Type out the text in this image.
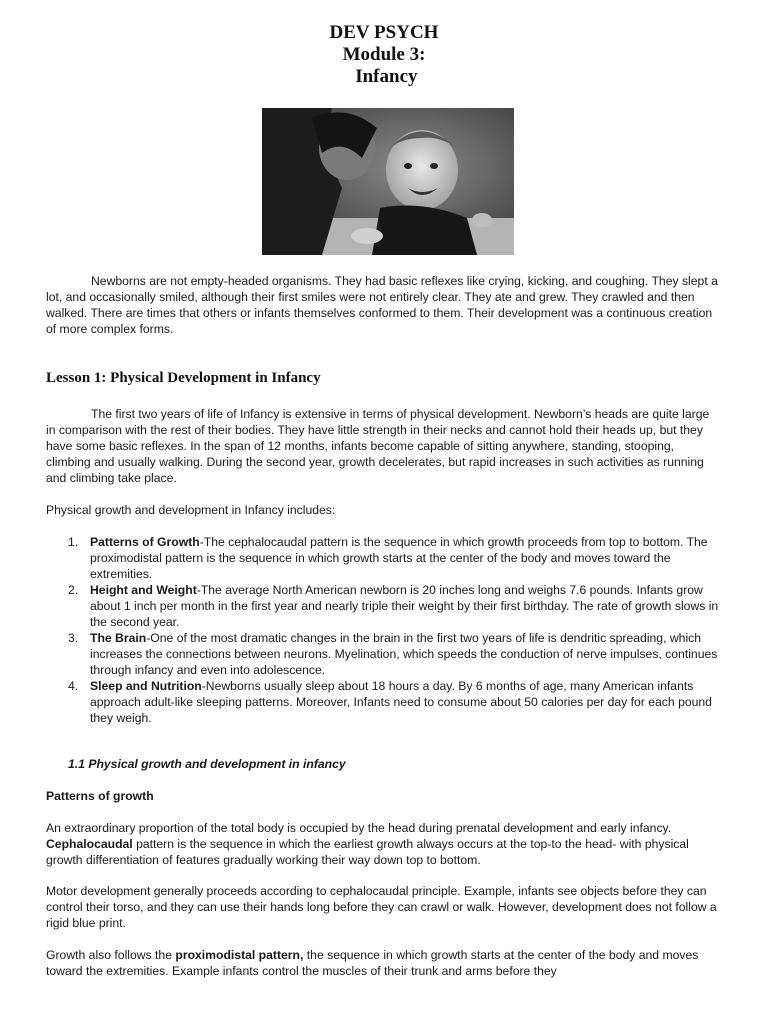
DEV PSYCH
Module 3:
Infancy

Newborns are not empty-headed organisms. They had basic reflexes like crying, kicking, and coughing. They slept a lot, and occasionally smiled, although their first smiles were not entirely clear. They ate and grew. They crawled and then walked. There are times that others or infants themselves conformed to them. Their development was a continuous creation of more complex forms.

Lesson 1: Physical Development in Infancy

The first two years of life of Infancy is extensive in terms of physical development. Newborn’s heads are quite large in comparison with the rest of their bodies. They have little strength in their necks and cannot hold their heads up, but they have some basic reflexes. In the span of 12 months, infants become capable of sitting anywhere, standing, stooping, climbing and usually walking. During the second year, growth decelerates, but rapid increases in such activities as running and climbing take place.

Physical growth and development in Infancy includes:

1. Patterns of Growth-The cephalocaudal pattern is the sequence in which growth proceeds from top to bottom. The proximodistal pattern is the sequence in which growth starts at the center of the body and moves toward the extremities.
2. Height and Weight-The average North American newborn is 20 inches long and weighs 7.6 pounds. Infants grow about 1 inch per month in the first year and nearly triple their weight by their first birthday. The rate of growth slows in the second year.
3. The Brain-One of the most dramatic changes in the brain in the first two years of life is dendritic spreading, which increases the connections between neurons. Myelination, which speeds the conduction of nerve impulses, continues through infancy and even into adolescence.
4. Sleep and Nutrition-Newborns usually sleep about 18 hours a day. By 6 months of age, many American infants approach adult-like sleeping patterns. Moreover, Infants need to consume about 50 calories per day for each pound they weigh.

1.1 Physical growth and development in infancy

Patterns of growth

An extraordinary proportion of the total body is occupied by the head during prenatal development and early infancy. Cephalocaudal pattern is the sequence in which the earliest growth always occurs at the top-to the head- with physical growth differentiation of features gradually working their way down top to bottom.

Motor development generally proceeds according to cephalocaudal principle. Example, infants see objects before they can control their torso, and they can use their hands long before they can crawl or walk. However, development does not follow a rigid blue print.

Growth also follows the proximodistal pattern, the sequence in which growth starts at the center of the body and moves toward the extremities. Example infants control the muscles of their trunk and arms before they
